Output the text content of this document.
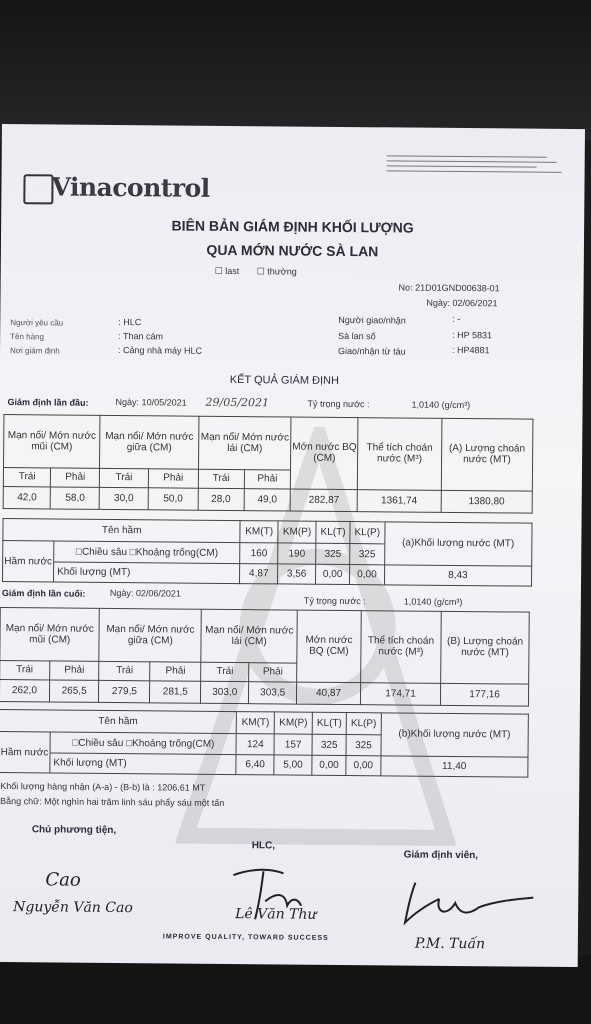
Vinacontrol
BIÊN BẢN GIÁM ĐỊNH KHỐI LƯỢNG
QUA MỚN NƯỚC SÀ LAN
☐ last ☐ thường
No: 21D01GND00638-01
Ngày: 02/06/2021
Người yêu cầu	: HLC
Tên hàng	: Than cám
Nơi giám định	: Cảng nhà máy HLC
Người giao/nhận	: -
Sà lan số	: HP 5831
Giao/nhận từ tàu	: HP4881
KẾT QUẢ GIÁM ĐỊNH
Giám định lần đầu:	Ngày: 10/05/2021 29/05/2021	Tỷ trọng nước :	1,0140 (g/cm³)
Mạn nổi/ Mớn nước mũi (CM)		Mạn nổi/ Mớn nước giữa (CM)		Mạn nổi/ Mớn nước lái (CM)		Mớn nước BQ (CM)	Thể tích choán nước (M³)	(A) Lượng choán nước (MT)
Trái	Phải	Trái	Phải	Trái	Phải			
42,0	58,0	30,0	50,0	28,0	49,0	282,87	1361,74	1380,80
Tên hầm		KM(T)	KM(P)	KL(T)	KL(P)	(a)Khối lượng nước (MT)
Hầm nước	□Chiều sâu □Khoảng trống(CM)	160	190	325	325	
	Khối lượng (MT)	4,87	3,56	0,00	0,00	8,43
Giám định lần cuối:	Ngày: 02/06/2021
Tỷ trọng nước :	1,0140 (g/cm³)
Mạn nổi/ Mớn nước mũi (CM)		Mạn nổi/ Mớn nước giữa (CM)		Mạn nổi/ Mớn nước lái (CM)		Mớn nước BQ (CM)	Thể tích choán nước (M³)	(B) Lượng choán nước (MT)
Trái	Phải	Trái	Phải	Trái	Phải			
262,0	265,5	279,5	281,5	303,0	303,5	40,87	174,71	177,16
Tên hầm		KM(T)	KM(P)	KL(T)	KL(P)	(b)Khối lượng nước (MT)
Hầm nước	□Chiều sâu □Khoảng trống(CM)	124	157	325	325	
	Khối lượng (MT)	6,40	5,00	0,00	0,00	11,40
Khối lượng hàng nhận (A-a) - (B-b) là : 1206,61 MT
Bằng chữ: Một nghìn hai trăm linh sáu phẩy sáu một tấn
Chủ phương tiện,
HLC,
Giám định viên,
Cao
Nguyễn Văn Cao	Lê Văn Thư
P.M. Tuấn
IMPROVE QUALITY, TOWARD SUCCESS
